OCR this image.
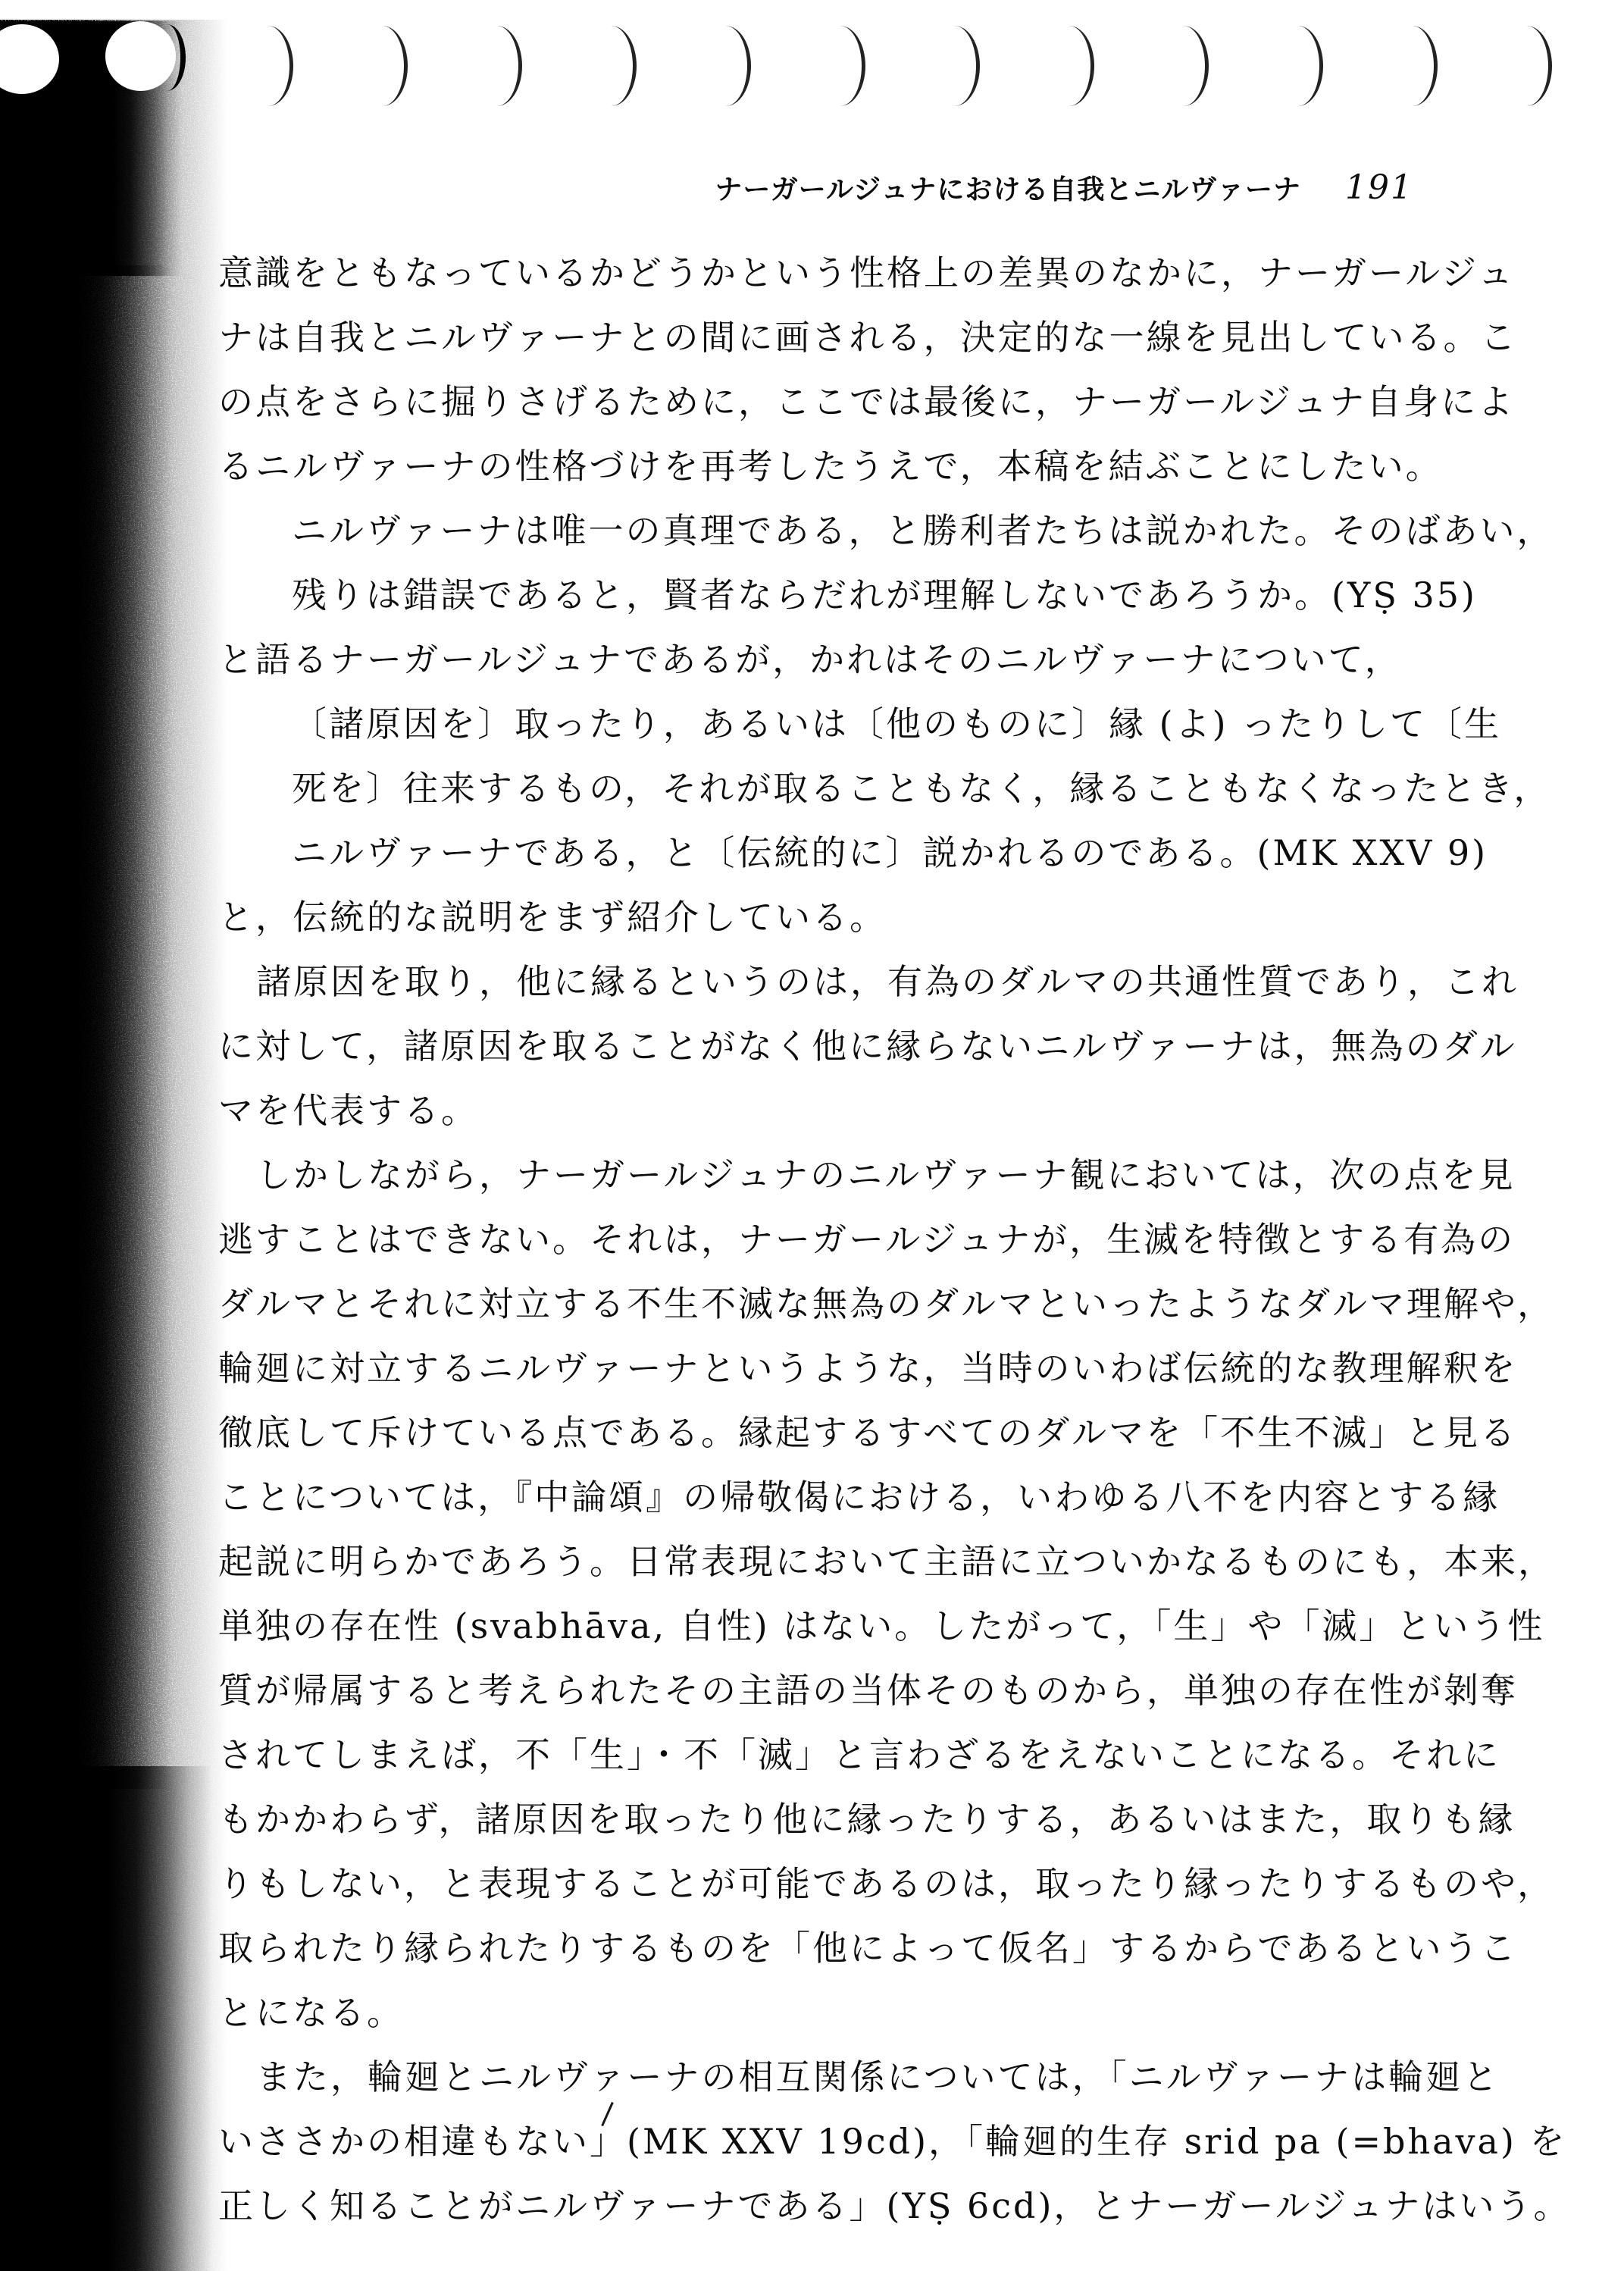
ナーガールジュナにおける自我とニルヴァーナ 191
意識をともなっているかどうかという性格上の差異のなかに，ナーガールジュ
ナは自我とニルヴァーナとの間に画される，決定的な一線を見出している。こ
の点をさらに掘りさげるために，ここでは最後に，ナーガールジュナ自身によ
るニルヴァーナの性格づけを再考したうえで，本稿を結ぶことにしたい。
ニルヴァーナは唯一の真理である，と勝利者たちは説かれた。そのばあい，
残りは錯誤であると，賢者ならだれが理解しないであろうか。(YṢ 35)
と語るナーガールジュナであるが，かれはそのニルヴァーナについて，
〔諸原因を〕取ったり，あるいは〔他のものに〕縁 (よ) ったりして〔生
死を〕往来するもの，それが取ることもなく，縁ることもなくなったとき，
ニルヴァーナである，と〔伝統的に〕説かれるのである。(MK XXV 9)
と，伝統的な説明をまず紹介している。
諸原因を取り，他に縁るというのは，有為のダルマの共通性質であり，これ
に対して，諸原因を取ることがなく他に縁らないニルヴァーナは，無為のダル
マを代表する。
しかしながら，ナーガールジュナのニルヴァーナ観においては，次の点を見
逃すことはできない。それは，ナーガールジュナが，生滅を特徴とする有為の
ダルマとそれに対立する不生不滅な無為のダルマといったようなダルマ理解や，
輪廻に対立するニルヴァーナというような，当時のいわば伝統的な教理解釈を
徹底して斥けている点である。縁起するすべてのダルマを「不生不滅」と見る
ことについては，『中論頌』の帰敬偈における，いわゆる八不を内容とする縁
起説に明らかであろう。日常表現において主語に立ついかなるものにも，本来，
単独の存在性 (svabhāva, 自性) はない。したがって，「生」や「滅」という性
質が帰属すると考えられたその主語の当体そのものから，単独の存在性が剝奪
されてしまえば，不「生」・不「滅」と言わざるをえないことになる。それに
もかかわらず，諸原因を取ったり他に縁ったりする，あるいはまた，取りも縁
りもしない，と表現することが可能であるのは，取ったり縁ったりするものや，
取られたり縁られたりするものを「他によって仮名」するからであるというこ
とになる。
また，輪廻とニルヴァーナの相互関係については，「ニルヴァーナは輪廻と
いささかの相違もない」(MK XXV 19cd)，「輪廻的生存 srid pa (=bhava) を
正しく知ることがニルヴァーナである」(YṢ 6cd)，とナーガールジュナはいう。
